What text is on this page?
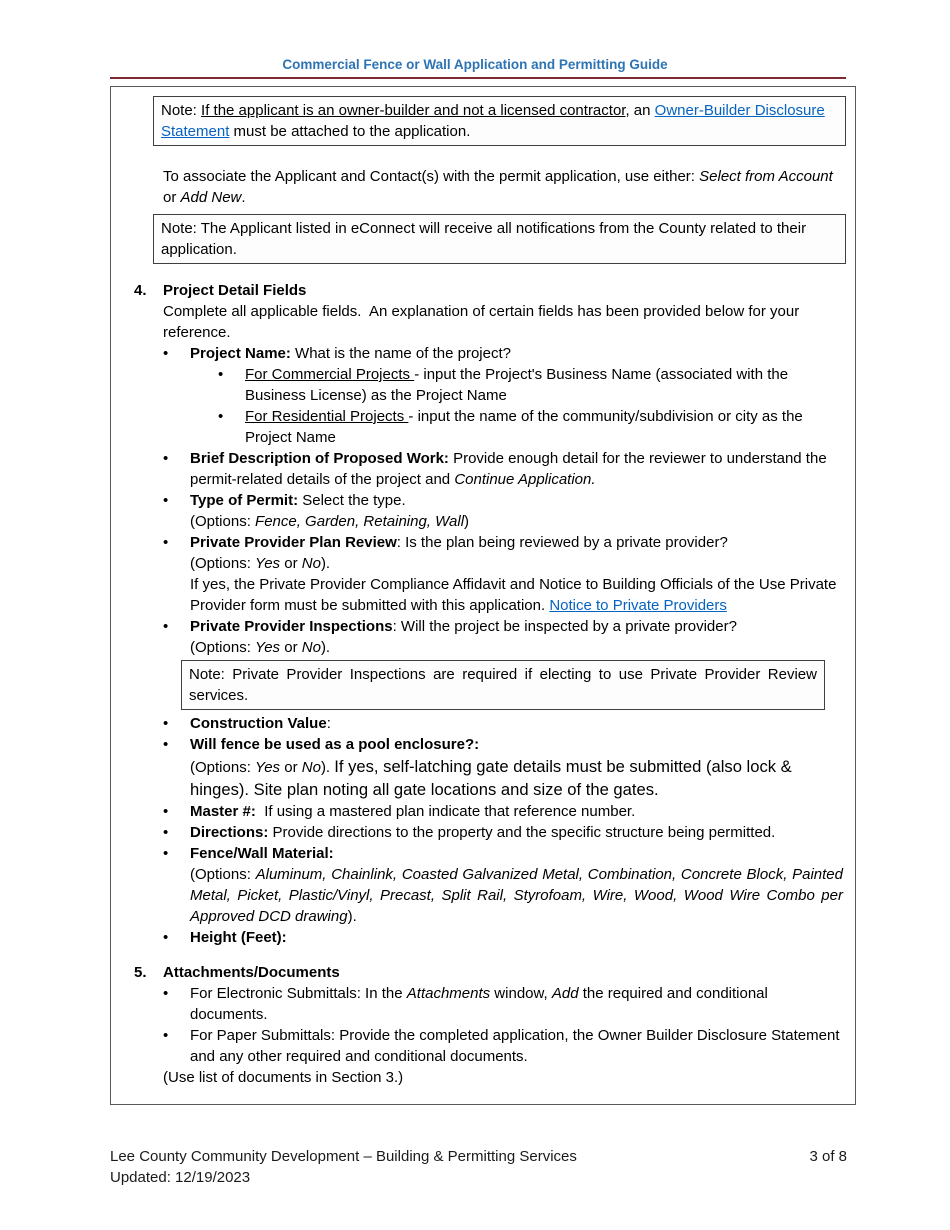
Commercial Fence or Wall Application and Permitting Guide
Note: If the applicant is an owner-builder and not a licensed contractor, an Owner-Builder Disclosure Statement must be attached to the application.

To associate the Applicant and Contact(s) with the permit application, use either: Select from Account or Add New.

Note: The Applicant listed in eConnect will receive all notifications from the County related to their application.
4.	Project Detail Fields

Complete all applicable fields.  An explanation of certain fields has been provided below for your reference.

•	Project Name: What is the name of the project?
•	For Commercial Projects - input the Project's Business Name (associated with the Business License) as the Project Name
•	For Residential Projects - input the name of the community/subdivision or city as the Project Name
•	Brief Description of Proposed Work: Provide enough detail for the reviewer to understand the permit-related details of the project and Continue Application.
•	Type of Permit: Select the type.
(Options: Fence, Garden, Retaining, Wall)
•	Private Provider Plan Review: Is the plan being reviewed by a private provider?
(Options: Yes or No).
If yes, the Private Provider Compliance Affidavit and Notice to Building Officials of the Use Private Provider form must be submitted with this application. Notice to Private Providers
•	Private Provider Inspections: Will the project be inspected by a private provider?
(Options: Yes or No).
Note: Private Provider Inspections are required if electing to use Private Provider Review services.
•	Construction Value:
•	Will fence be used as a pool enclosure?:
(Options: Yes or No). If yes, self-latching gate details must be submitted (also lock & hinges). Site plan noting all gate locations and size of the gates.
•	Master #:  If using a mastered plan indicate that reference number.
•	Directions: Provide directions to the property and the specific structure being permitted.
•	Fence/Wall Material:
(Options: Aluminum, Chainlink, Coasted Galvanized Metal, Combination, Concrete Block, Painted Metal, Picket, Plastic/Vinyl, Precast, Split Rail, Styrofoam, Wire, Wood, Wood Wire Combo per Approved DCD drawing).
•	Height (Feet):
5.	Attachments/Documents
•	For Electronic Submittals: In the Attachments window, Add the required and conditional documents.
•	For Paper Submittals: Provide the completed application, the Owner Builder Disclosure Statement and any other required and conditional documents.

(Use list of documents in Section 3.)

Lee County Community Development – Building & Permitting Services
Updated: 12/19/2023
3 of 8
